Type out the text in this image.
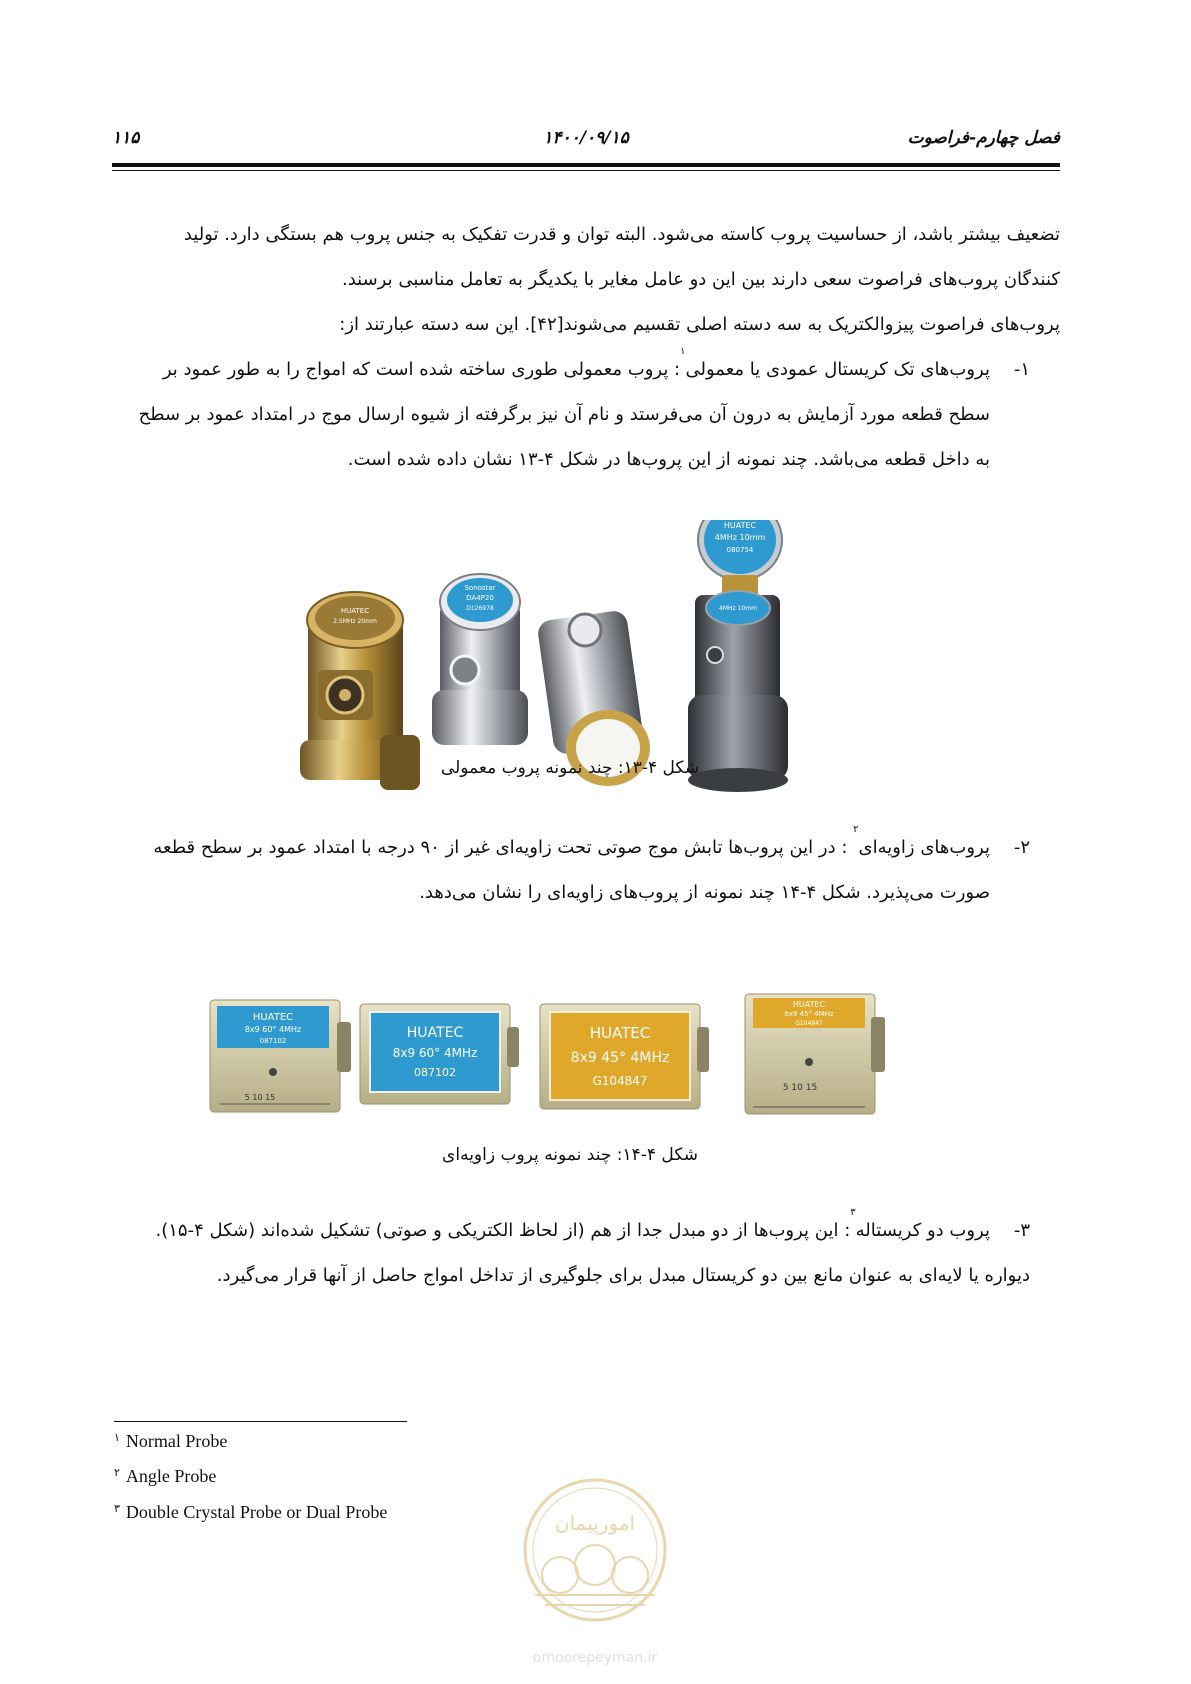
فصل چهارم-فراصوت
۱۴۰۰/۰۹/۱۵
۱۱۵
تضعیف بیشتر باشد، از حساسیت پروب کاسته می‌شود. البته توان و قدرت تفکیک به جنس پروب هم بستگی دارد. تولید
کنندگان پروب‌های فراصوت سعی دارند بین این دو عامل مغایر با یکدیگر به تعامل مناسبی برسند.
پروب‌های فراصوت پیزوالکتریک به سه دسته اصلی تقسیم می‌شوند[۴۲]. این سه دسته عبارتند از:
۱-
پروب‌های تک کریستال عمودی یا معمولی$^۱$: پروب معمولی طوری ساخته شده است که امواج را به طور عمود بر
سطح قطعه مورد آزمایش به درون آن می‌فرستد و نام آن نیز برگرفته از شیوه ارسال موج در امتداد عمود بر سطح
به داخل قطعه می‌باشد. چند نمونه از این پروب‌ها در شکل ۴-۱۳ نشان داده شده است.
HUATEC
2.5MHz 20mm
Sonostar
DA4P20
D126978
HUATEC
4MHz 10mm
080754
4MHz 10mm
شکل ۴-۱۳: چند نمونه پروب معمولی
۲-
پروب‌های زاویه‌ای$^۲$ : در این پروب‌ها تابش موج صوتی تحت زاویه‌ای غیر از ۹۰ درجه با امتداد عمود بر سطح قطعه
صورت می‌پذیرد. شکل ۴-۱۴ چند نمونه از پروب‌های زاویه‌ای را نشان می‌دهد.
HUATEC
8x9 60° 4MHz
087102
5 10 15
HUATEC
8x9 60° 4MHz
087102
HUATEC
8x9 45° 4MHz
G104847
HUATEC
8x9 45° 4MHz
G104847
5 10 15
شکل ۴-۱۴: چند نمونه پروب زاویه‌ای
۳-
پروب دو کریستاله$^۳$: این پروب‌ها از دو مبدل جدا از هم (از لحاظ الکتریکی و صوتی) تشکیل شده‌اند (شکل ۴-۱۵).
دیواره یا لایه‌ای به عنوان مانع بین دو کریستال مبدل برای جلوگیری از تداخل امواج حاصل از آنها قرار می‌گیرد.
$^۱$ Normal Probe
$^۲$ Angle Probe
$^۳$ Double Crystal Probe or Dual Probe	امورپیمان
omoorepeyman.ir
